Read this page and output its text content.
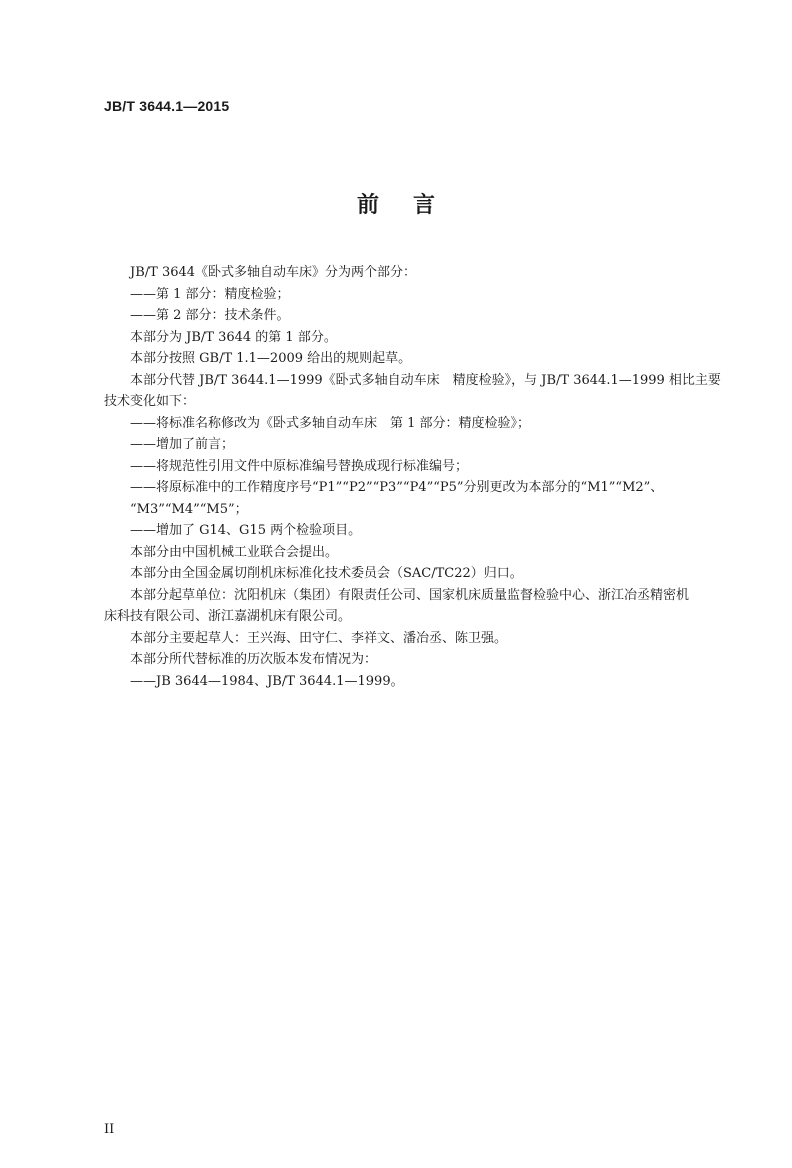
JB/T 3644.1—2015
前言

JB/T 3644《卧式多轴自动车床》分为两个部分：

——第 1 部分：精度检验；

——第 2 部分：技术条件。

本部分为 JB/T 3644 的第 1 部分。

本部分按照 GB/T 1.1—2009 给出的规则起草。

本部分代替 JB/T 3644.1—1999《卧式多轴自动车床　精度检验》，与 JB/T 3644.1—1999 相比主要

技术变化如下：

——将标准名称修改为《卧式多轴自动车床　第 1 部分：精度检验》；

——增加了前言；

——将规范性引用文件中原标准编号替换成现行标准编号；

——将原标准中的工作精度序号“P1”“P2”“P3”“P4”“P5”分别更改为本部分的“M1”“M2”、

“M3”“M4”“M5”；

——增加了 G14、G15 两个检验项目。

本部分由中国机械工业联合会提出。

本部分由全国金属切削机床标准化技术委员会（SAC/TC22）归口。

本部分起草单位：沈阳机床（集团）有限责任公司、国家机床质量监督检验中心、浙江冶丞精密机

床科技有限公司、浙江嘉湖机床有限公司。

本部分主要起草人：王兴海、田守仁、李祥文、潘冶丞、陈卫强。

本部分所代替标准的历次版本发布情况为：

——JB 3644—1984、JB/T 3644.1—1999。

II
